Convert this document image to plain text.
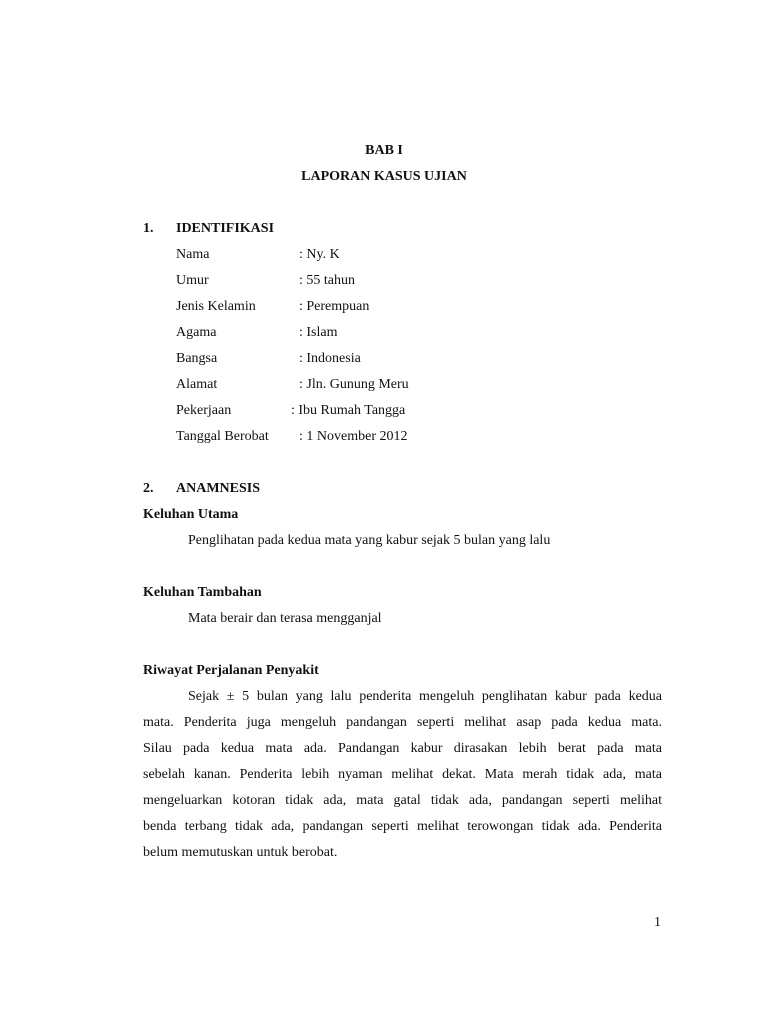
BAB I
LAPORAN KASUS UJIAN
1. IDENTIFIKASI
Nama	: Ny. K
Umur	: 55 tahun
Jenis Kelamin	: Perempuan
Agama	: Islam
Bangsa	: Indonesia
Alamat	: Jln. Gunung Meru
Pekerjaan	: Ibu Rumah Tangga
Tanggal Berobat : 1 November 2012
2. ANAMNESIS
Keluhan Utama
Penglihatan pada kedua mata yang kabur sejak 5 bulan yang lalu
Keluhan Tambahan
Mata berair dan terasa mengganjal
Riwayat Perjalanan Penyakit
Sejak ± 5 bulan yang lalu penderita mengeluh penglihatan kabur pada kedua
mata. Penderita juga mengeluh pandangan seperti melihat asap pada kedua mata.
Silau pada kedua mata ada. Pandangan kabur dirasakan lebih berat pada mata
sebelah kanan. Penderita lebih nyaman melihat dekat. Mata merah tidak ada, mata
mengeluarkan kotoran tidak ada, mata gatal tidak ada, pandangan seperti melihat
benda terbang tidak ada, pandangan seperti melihat terowongan tidak ada. Penderita
belum memutuskan untuk berobat.
1
